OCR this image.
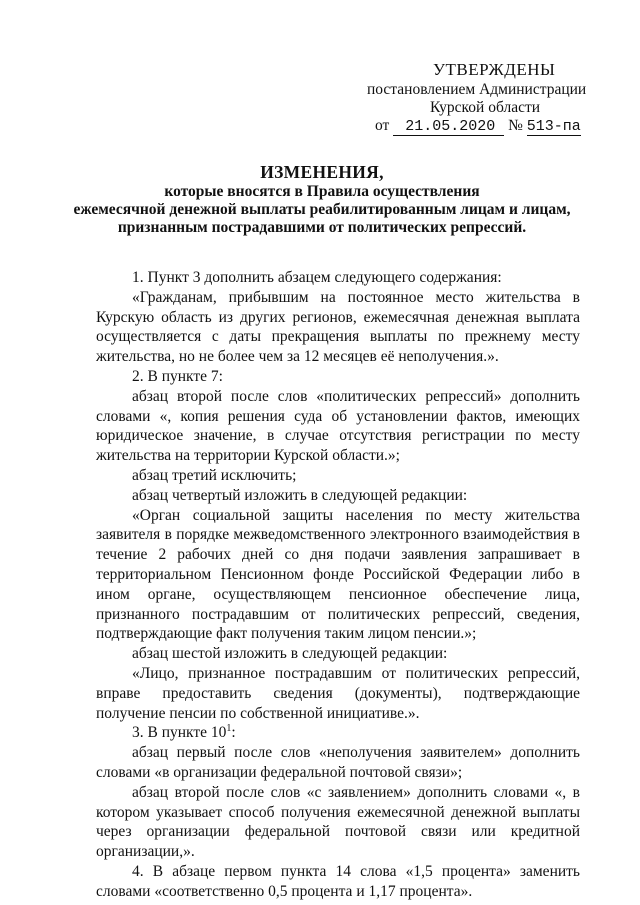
УТВЕРЖДЕНЫ
постановлением Администрации
Курской области
от 21.05.2020 № 513-па
ИЗМЕНЕНИЯ,
которые вносятся в Правила осуществления
ежемесячной денежной выплаты реабилитированным лицам и лицам,
признанным пострадавшими от политических репрессий.

1. Пункт 3 дополнить абзацем следующего содержания:

«Гражданам, прибывшим на постоянное место жительства в Курскую область из других регионов, ежемесячная денежная выплата осуществляется с даты прекращения выплаты по прежнему месту жительства, но не более чем за 12 месяцев её неполучения.».

2. В пункте 7:

абзац второй после слов «политических репрессий» дополнить словами «, копия решения суда об установлении фактов, имеющих юридическое значение, в случае отсутствия регистрации по месту жительства на территории Курской области.»;

абзац третий исключить;

абзац четвертый изложить в следующей редакции:

«Орган социальной защиты населения по месту жительства заявителя в порядке межведомственного электронного взаимодействия в течение 2 рабочих дней со дня подачи заявления запрашивает в территориальном Пенсионном фонде Российской Федерации либо в ином органе, осуществляющем пенсионное обеспечение лица, признанного пострадавшим от политических репрессий, сведения, подтверждающие факт получения таким лицом пенсии.»;

абзац шестой изложить в следующей редакции:

«Лицо, признанное пострадавшим от политических репрессий, вправе предоставить сведения (документы), подтверждающие получение пенсии по собственной инициативе.».

3. В пункте $10^1$:

абзац первый после слов «неполучения заявителем» дополнить словами «в организации федеральной почтовой связи»;

абзац второй после слов «с заявлением» дополнить словами «, в котором указывает способ получения ежемесячной денежной выплаты через организации федеральной почтовой связи или кредитной организации,».

4. В абзаце первом пункта 14 слова «1,5 процента» заменить словами «соответственно 0,5 процента и 1,17 процента».
